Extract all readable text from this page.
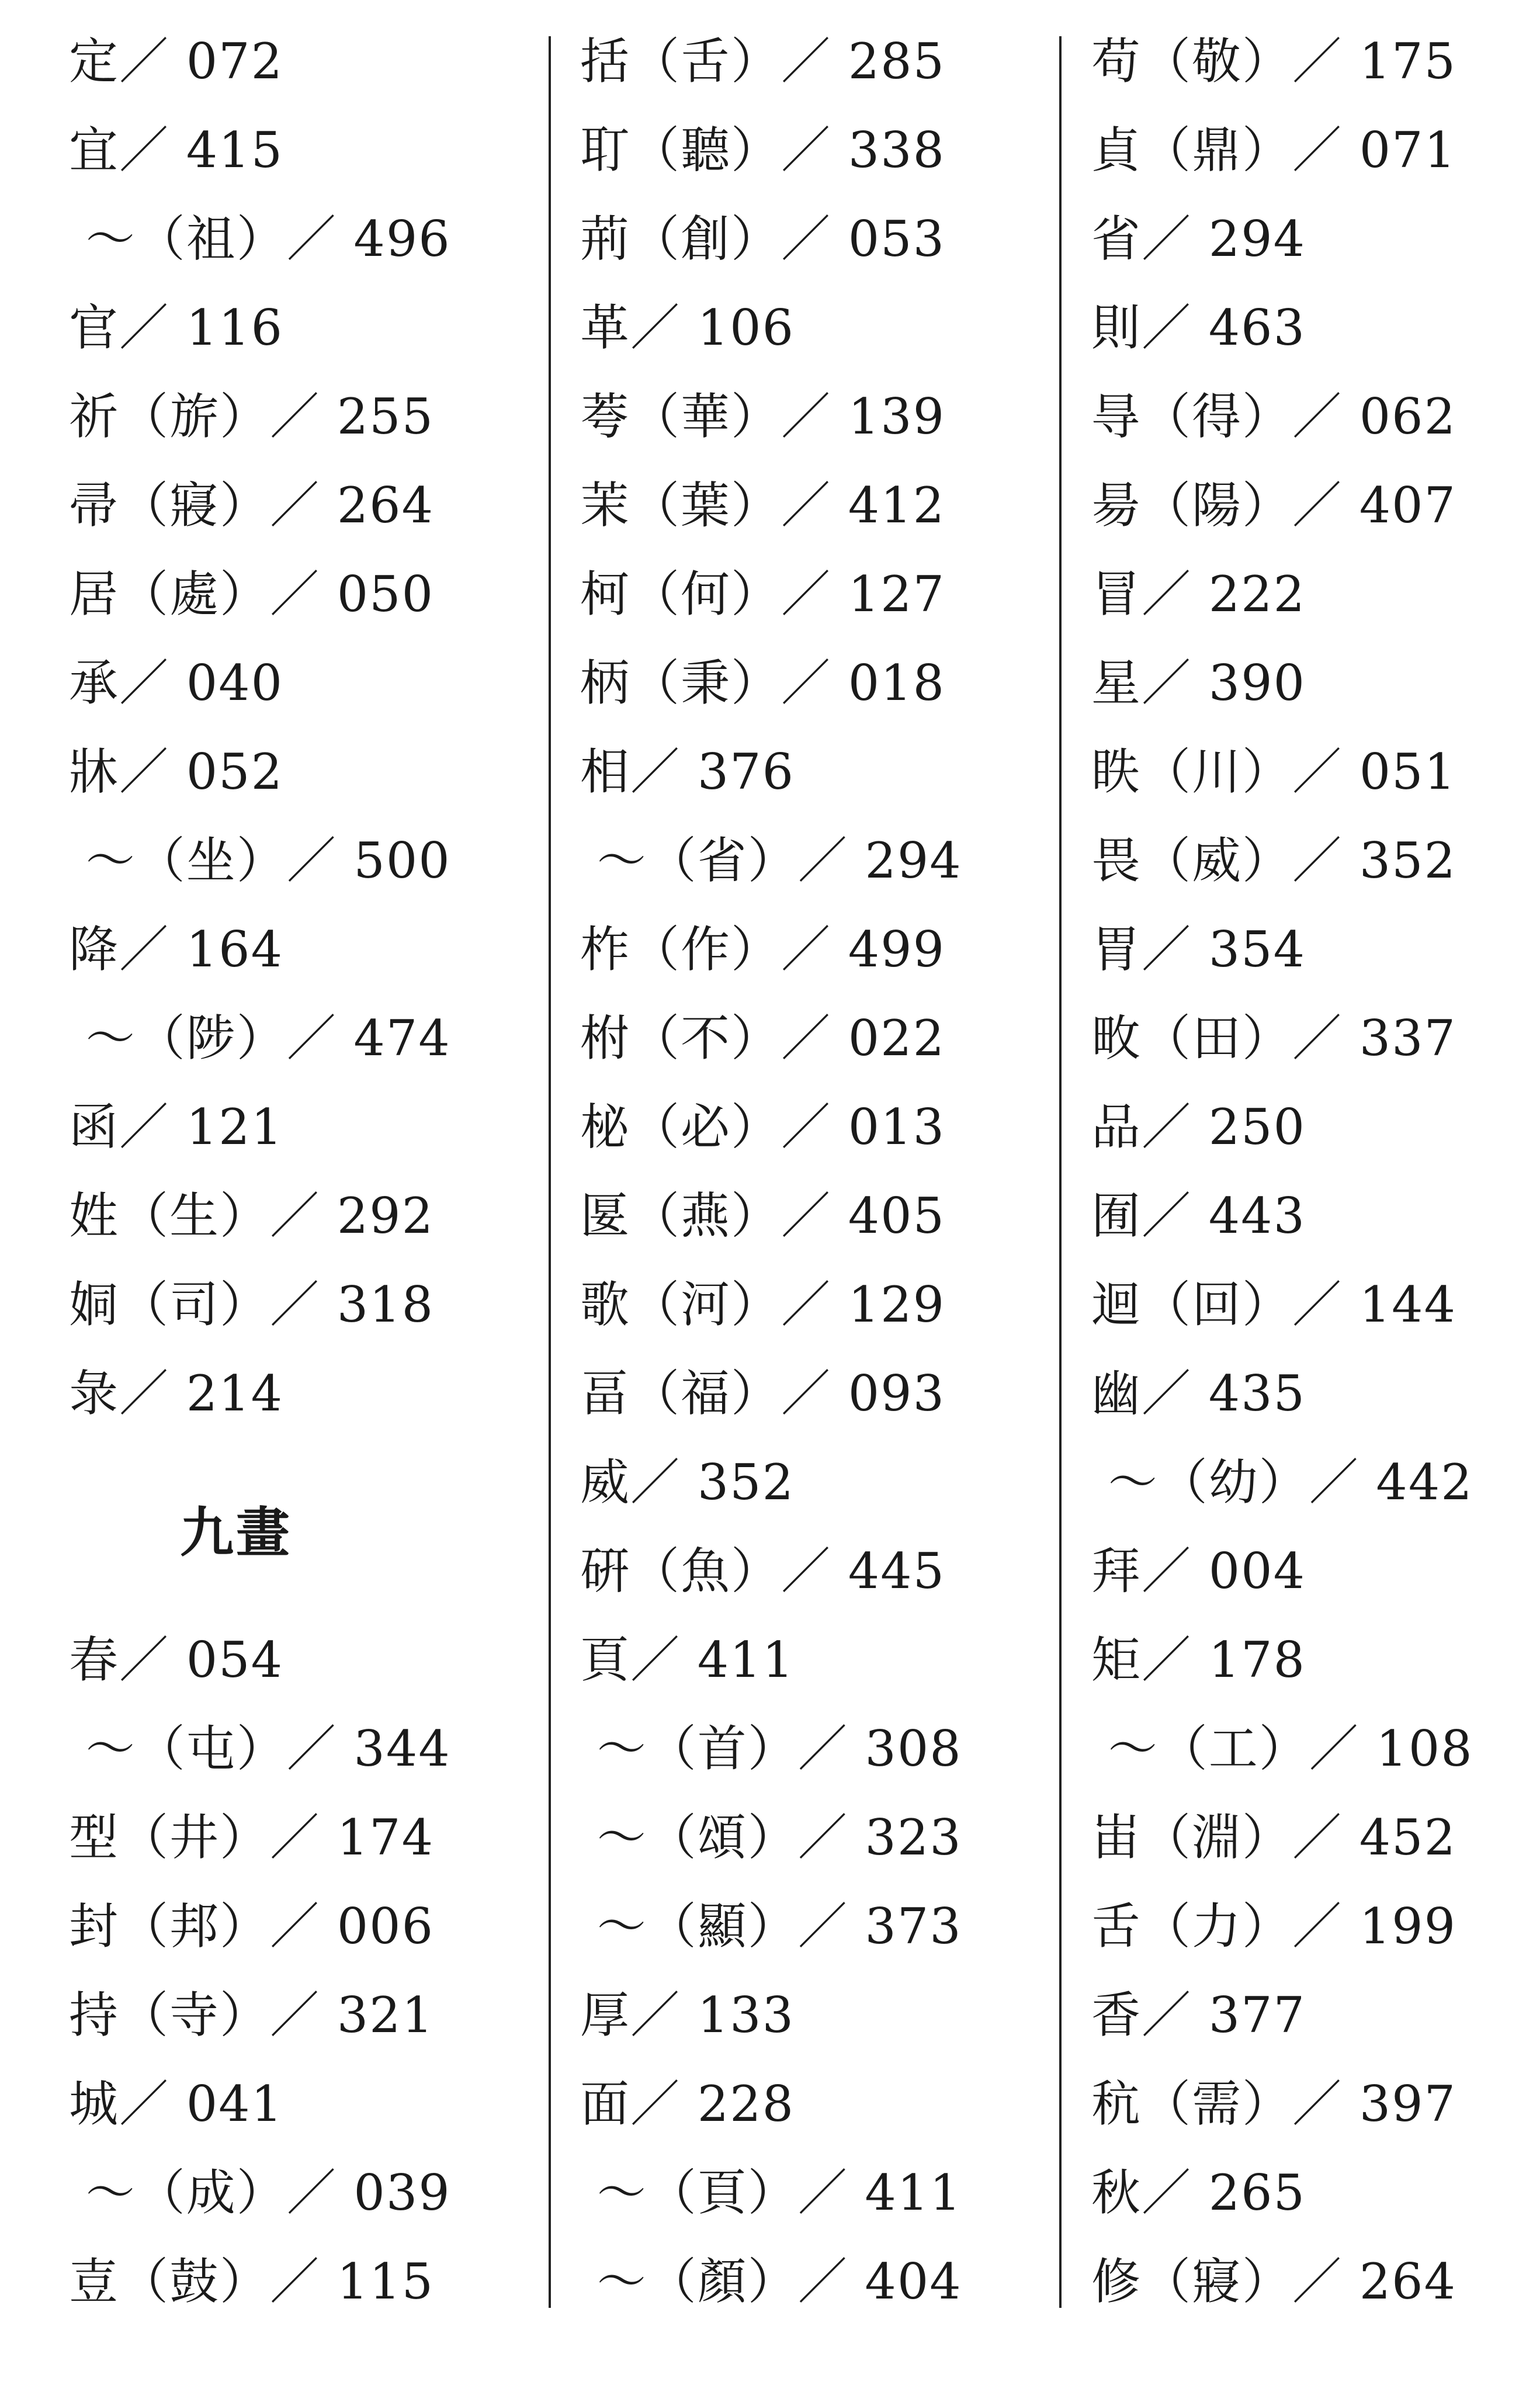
定／ 072
宜／ 415
～（祖）／ 496
官／ 116
祈（旂）／ 255
帚（寢）／ 264
居（處）／ 050
承／ 040
牀／ 052
～（坐）／ 500
降／ 164
～（陟）／ 474
函／ 121
姓（生）／ 292
姛（司）／ 318
彔／ 214
九畫
春／ 054
～（屯）／ 344
型（井）／ 174
封（邦）／ 006
持（寺）／ 321
城／ 041
～（成）／ 039
壴（鼓）／ 115
括（舌）／ 285
耵（聽）／ 338
荊（創）／ 053
革／ 106
荂（華）／ 139
茉（葉）／ 412
柯（何）／ 127
柄（秉）／ 018
相／ 376
～（省）／ 294
柞（作）／ 499
柎（不）／ 022
柲（必）／ 013
匽（燕）／ 405
歌（河）／ 129
畐（福）／ 093
威／ 352
硏（魚）／ 445
頁／ 411
～（首）／ 308
～（頌）／ 323
～（顯）／ 373
厚／ 133
面／ 228
～（頁）／ 411
～（顏）／ 404
苟（敬）／ 175
貞（鼎）／ 071
省／ 294
則／ 463
㝵（得）／ 062
昜（陽）／ 407
冒／ 222
星／ 390
眣（川）／ 051
畏（威）／ 352
胃／ 354
畋（田）／ 337
品／ 250
囿／ 443
迴（回）／ 144
幽／ 435
～（幼）／ 442
拜／ 004
矩／ 178
～（工）／ 108
峀（淵）／ 452
舌（力）／ 199
香／ 377
秔（需）／ 397
秋／ 265
修（寢）／ 264
